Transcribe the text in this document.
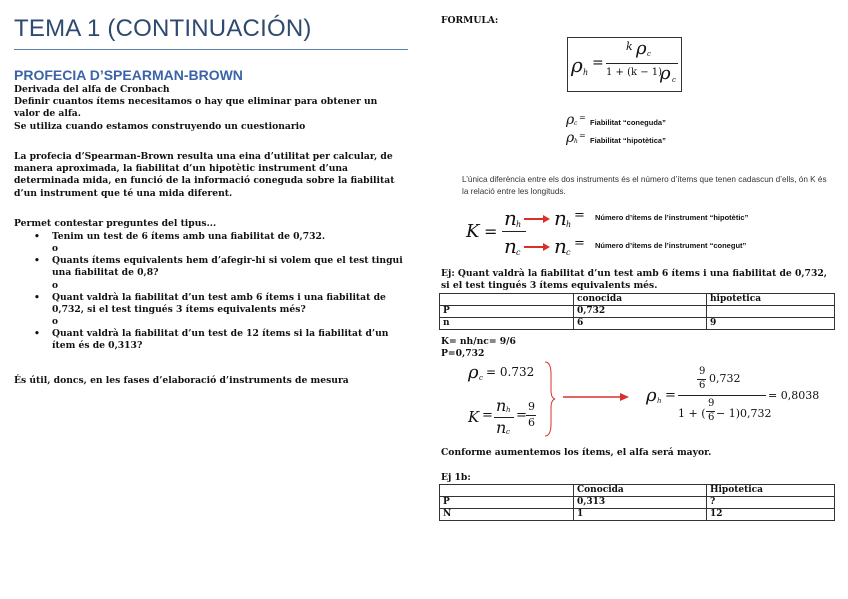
TEMA 1 (CONTINUACIÓN)
PROFECIA D’SPEARMAN-BROWN
Derivada del alfa de Cronbach
Definir cuantos ítems necesitamos o hay que eliminar para obtener un valor de alfa.
Se utiliza cuando estamos construyendo un cuestionario
La profecia d’Spearman-Brown resulta una eina d’utilitat per calcular, de manera aproximada, la fiabilitat d’un hipotètic instrument d’una determinada mida, en funció de la informació coneguda sobre la fiabilitat d’un instrument que té una mida diferent.
Permet contestar preguntes del tipus...
• Tenim un test de 6 ítems amb una fiabilitat de 0,732.
o
• Quants ítems equivalents hem d’afegir-hi si volem que el test tingui una fiabilitat de 0,8?
o
• Quant valdrà la fiabilitat d’un test amb 6 ítems i una fiabilitat de 0,732, si el test tingués 3 ítems equivalents més?
o
• Quant valdrà la fiabilitat d’un test de 12 ítems si la fiabilitat d’un ítem és de 0,313?
És útil, doncs, en les fases d’elaboració d’instruments de mesura
FORMULA:
ρ h
=
k ρ c
1 + (k − 1)
ρ c
ρ c
=
Fiabilitat “coneguda”
ρ h
=
Fiabilitat “hipotètica”
L’única diferència entre els dos instruments és el número d’ítems que tenen cadascun d’ells, ón K és la relació entre les longituds.
K =
n h
n c
n h
= Número d’ítems de l’instrument “hipotètic”
n c
= Número d’ítems de l’instrument “conegut”
Ej: Quant valdrà la fiabilitat d’un test amb 6 ítems i una fiabilitat de 0,732, si el test tingués 3 ítems equivalents més.
	conocida	hipotetica
P	0,732	
n	6	9
K= nh/nc= 9/6
P=0,732
ρ c = 0.732
K =
n h
n c
=
9
6
ρ h =
9
6
0,732
1 + (
9
6 − 1)0,732
= 0,8038
Conforme aumentemos los ítems, el alfa será mayor.
Ej 1b:
	Conocida	Hipotetica
P	0,313	?
N	1	12
